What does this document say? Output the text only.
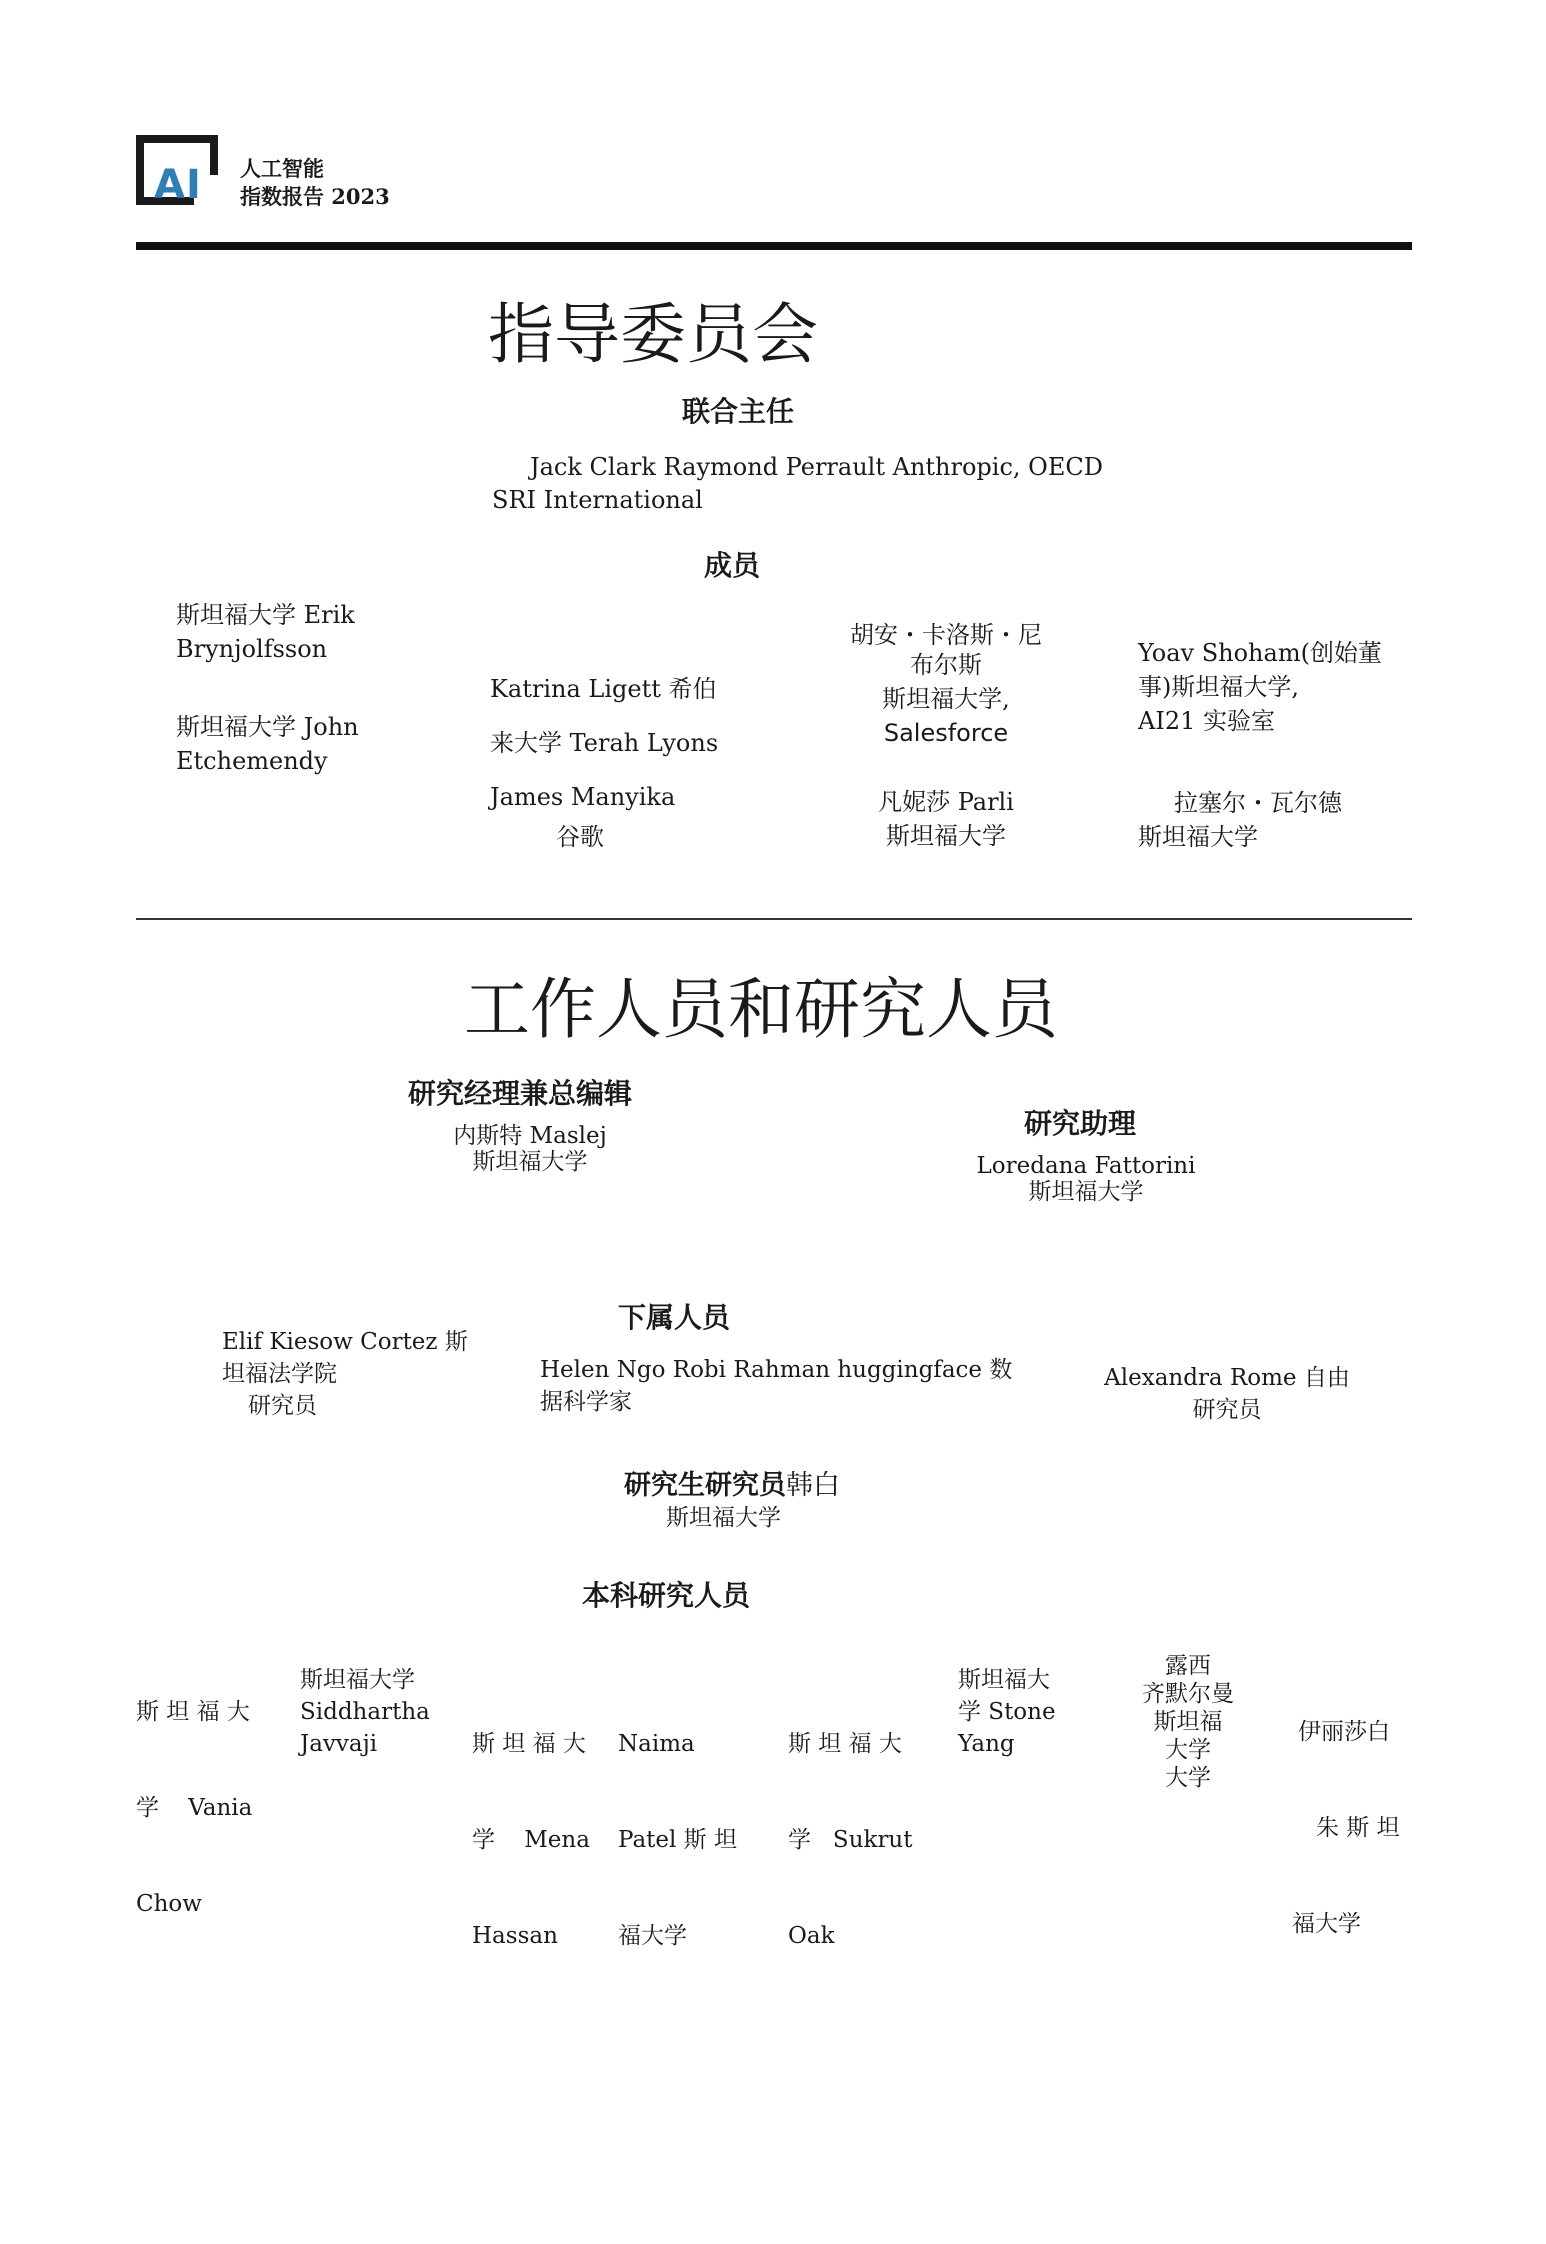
AI 人工智能
指数报告 2023
指导委员会
联合主任
Jack Clark Raymond Perrault Anthropic, OECD
SRI International
成员
斯坦福大学 Erik
Bryn​jolfsson
斯坦福大学 John
Etchemendy
Katrina Ligett 希伯
来大学 Terah Lyons
James Manyika
谷歌
胡安・卡洛斯・尼
布尔斯
斯坦福大学,
Salesforce
凡妮莎 Parli
斯坦福大学
Yoav Shoham(创始董
事)斯坦福大学,
AI21 实验室
拉塞尔・瓦尔德
斯坦福大学
工作人员和研究人员
研究经理兼总编辑
内斯特 Maslej
斯坦福大学
研究助理
Loredana Fattorini
斯坦福大学
下属人员
Elif Kiesow Cortez 斯
坦福法学院
研究员
Helen Ngo Robi Rahman huggingface 数
据科学家
Alexandra Rome 自由
研究员
研究生研究员韩白
斯坦福大学
本科研究人员

斯 坦 福 大

学    Vania

Chow

斯坦福大学
Siddhartha
Javvaji

	斯 坦 福 大

学    Mena

Hassan

Naima

Patel 斯 坦

福大学

斯 坦 福 大

学   Sukrut

Oak

斯坦福大
学 Stone
Yang
露西
齐默尔曼
斯坦福
大学
大学

伊丽莎白

朱 斯 坦

福大学
